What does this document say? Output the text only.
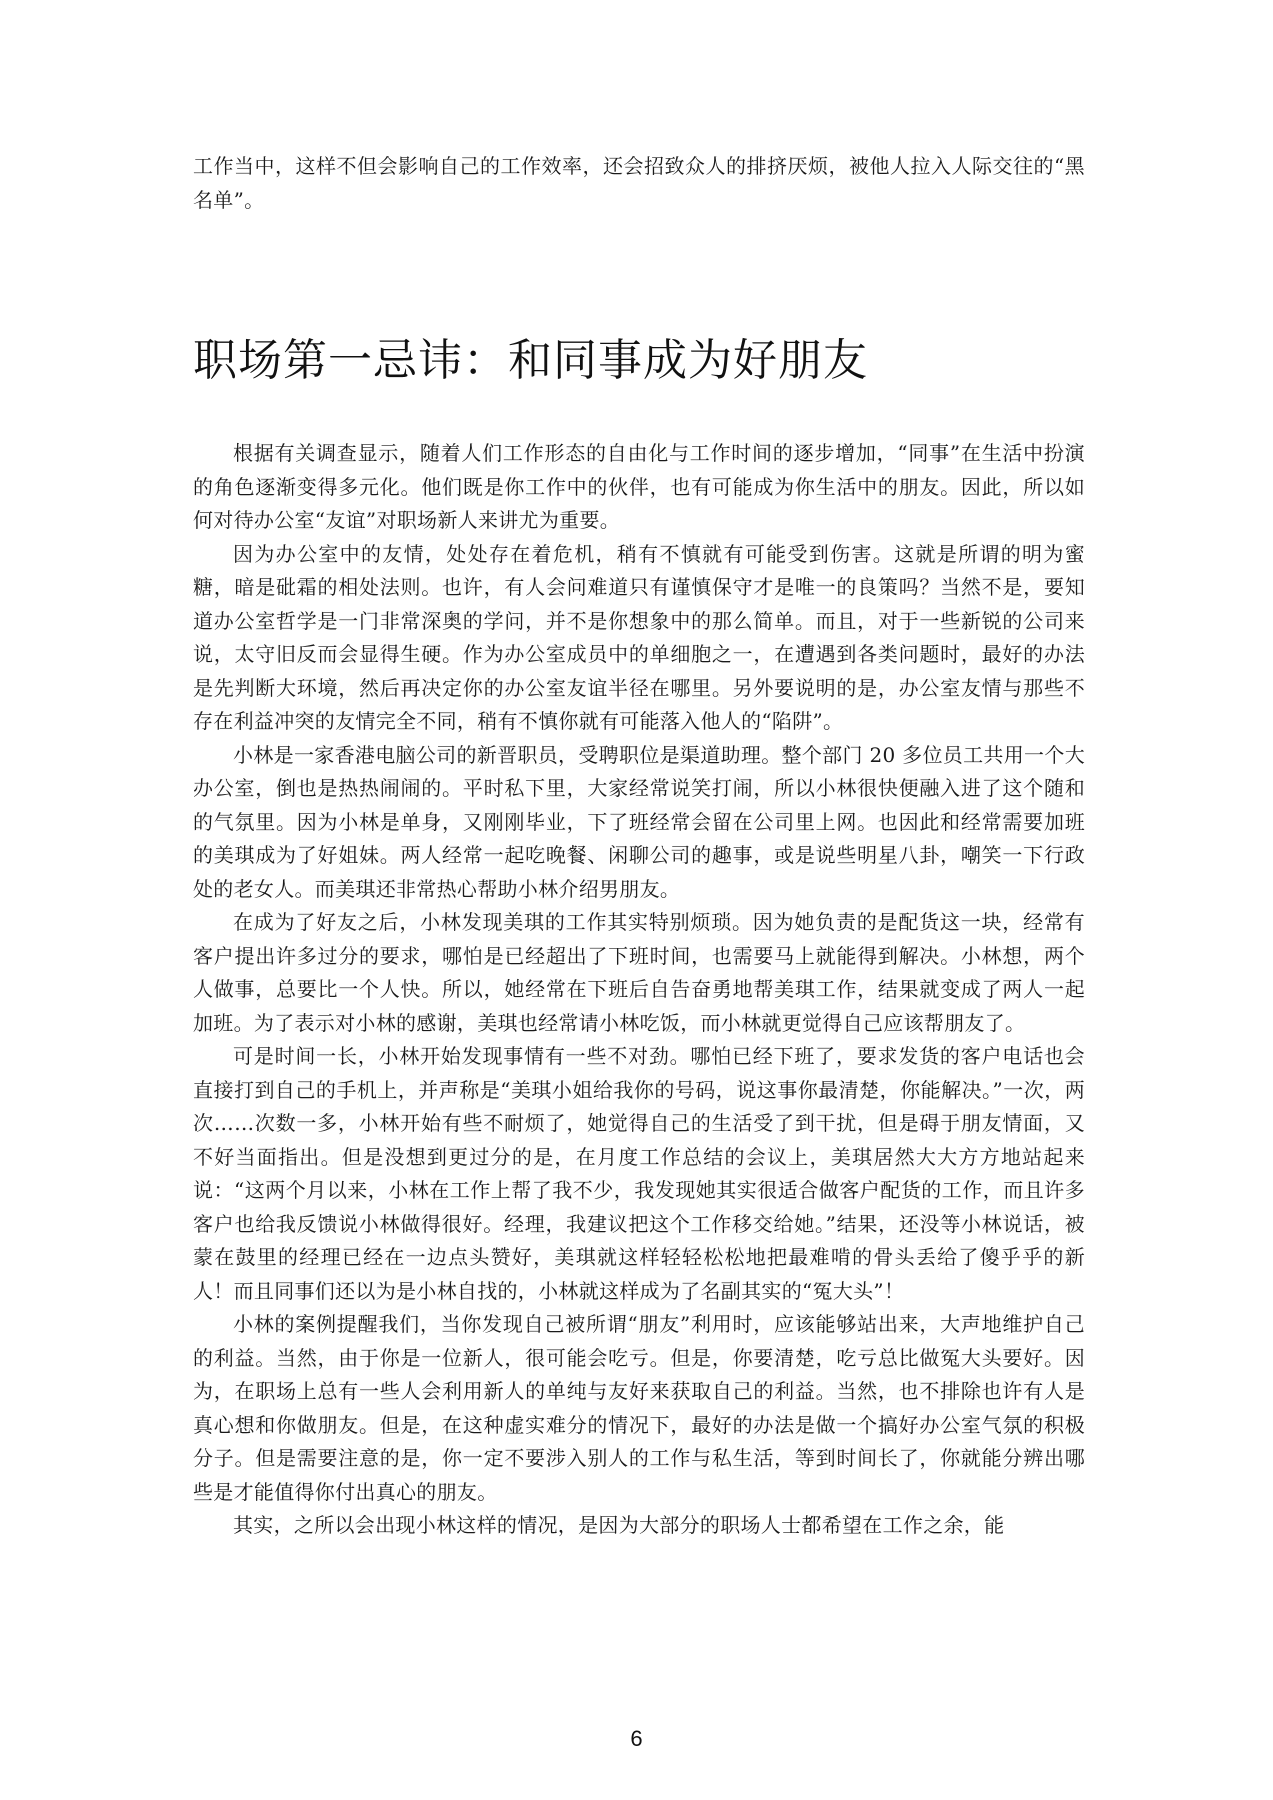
工作当中，这样不但会影响自己的工作效率，还会招致众人的排挤厌烦，被他人拉入人际交往的“黑名单”。

职场第一忌讳：和同事成为好朋友

根据有关调查显示，随着人们工作形态的自由化与工作时间的逐步增加，“同事”在生活中扮演的角色逐渐变得多元化。他们既是你工作中的伙伴，也有可能成为你生活中的朋友。因此，所以如何对待办公室“友谊”对职场新人来讲尤为重要。

因为办公室中的友情，处处存在着危机，稍有不慎就有可能受到伤害。这就是所谓的明为蜜糖，暗是砒霜的相处法则。也许，有人会问难道只有谨慎保守才是唯一的良策吗？当然不是，要知道办公室哲学是一门非常深奥的学问，并不是你想象中的那么简单。而且，对于一些新锐的公司来说，太守旧反而会显得生硬。作为办公室成员中的单细胞之一，在遭遇到各类问题时，最好的办法是先判断大环境，然后再决定你的办公室友谊半径在哪里。另外要说明的是，办公室友情与那些不存在利益冲突的友情完全不同，稍有不慎你就有可能落入他人的“陷阱”。

小林是一家香港电脑公司的新晋职员，受聘职位是渠道助理。整个部门 20 多位员工共用一个大办公室，倒也是热热闹闹的。平时私下里，大家经常说笑打闹，所以小林很快便融入进了这个随和的气氛里。因为小林是单身，又刚刚毕业，下了班经常会留在公司里上网。也因此和经常需要加班的美琪成为了好姐妹。两人经常一起吃晚餐、闲聊公司的趣事，或是说些明星八卦，嘲笑一下行政处的老女人。而美琪还非常热心帮助小林介绍男朋友。

在成为了好友之后，小林发现美琪的工作其实特别烦琐。因为她负责的是配货这一块，经常有客户提出许多过分的要求，哪怕是已经超出了下班时间，也需要马上就能得到解决。小林想，两个人做事，总要比一个人快。所以，她经常在下班后自告奋勇地帮美琪工作，结果就变成了两人一起加班。为了表示对小林的感谢，美琪也经常请小林吃饭，而小林就更觉得自己应该帮朋友了。

可是时间一长，小林开始发现事情有一些不对劲。哪怕已经下班了，要求发货的客户电话也会直接打到自己的手机上，并声称是“美琪小姐给我你的号码，说这事你最清楚，你能解决。”一次，两次……次数一多，小林开始有些不耐烦了，她觉得自己的生活受了到干扰，但是碍于朋友情面，又不好当面指出。但是没想到更过分的是，在月度工作总结的会议上，美琪居然大大方方地站起来说：“这两个月以来，小林在工作上帮了我不少，我发现她其实很适合做客户配货的工作，而且许多客户也给我反馈说小林做得很好。经理，我建议把这个工作移交给她。”结果，还没等小林说话，被蒙在鼓里的经理已经在一边点头赞好，美琪就这样轻轻松松地把最难啃的骨头丢给了傻乎乎的新人！而且同事们还以为是小林自找的，小林就这样成为了名副其实的“冤大头”！

小林的案例提醒我们，当你发现自己被所谓“朋友”利用时，应该能够站出来，大声地维护自己的利益。当然，由于你是一位新人，很可能会吃亏。但是，你要清楚，吃亏总比做冤大头要好。因为，在职场上总有一些人会利用新人的单纯与友好来获取自己的利益。当然，也不排除也许有人是真心想和你做朋友。但是，在这种虚实难分的情况下，最好的办法是做一个搞好办公室气氛的积极分子。但是需要注意的是，你一定不要涉入别人的工作与私生活，等到时间长了，你就能分辨出哪些是才能值得你付出真心的朋友。

其实，之所以会出现小林这样的情况，是因为大部分的职场人士都希望在工作之余，能

6
